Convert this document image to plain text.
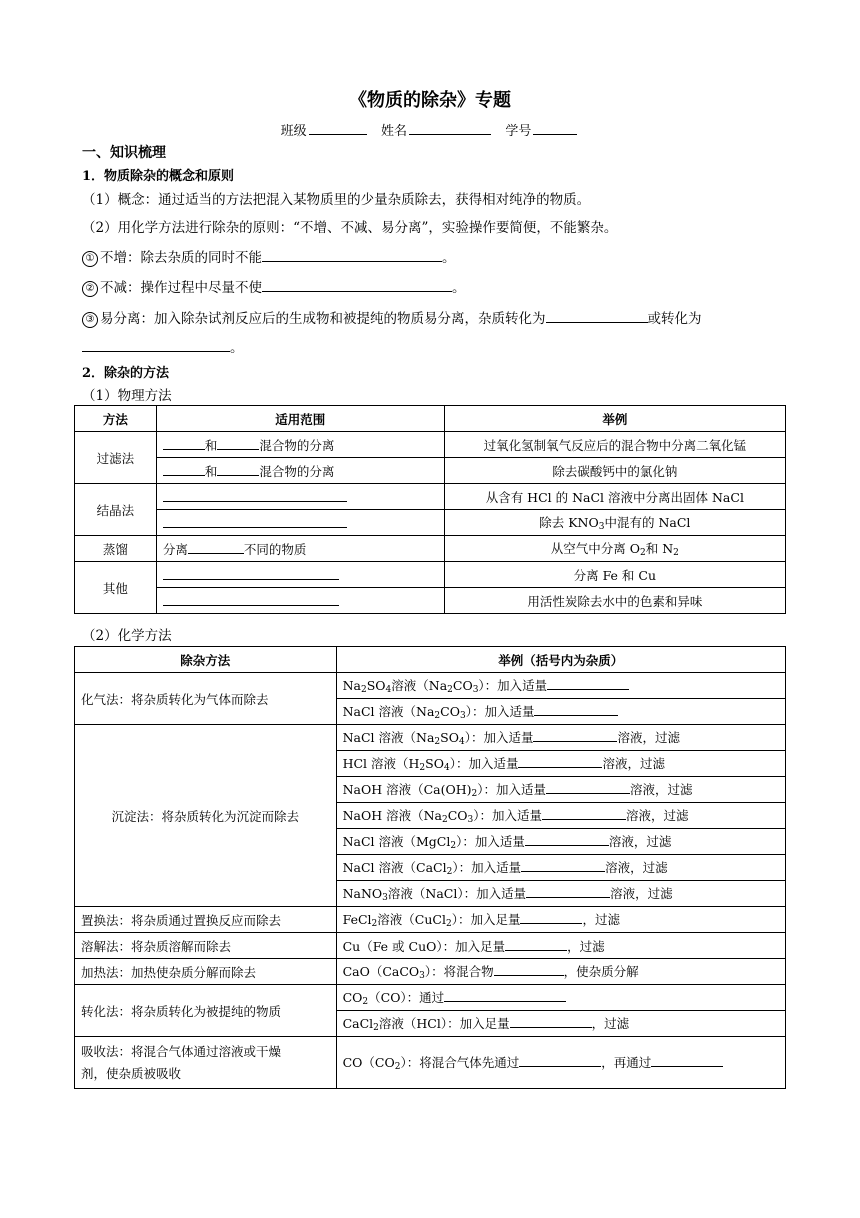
《物质的除杂》专题
班级	姓名	学号
一、知识梳理
1．物质除杂的概念和原则
（1）概念：通过适当的方法把混入某物质里的少量杂质除去，获得相对纯净的物质。
（2）用化学方法进行除杂的原则：“不增、不减、易分离”，实验操作要简便，不能繁杂。
① 不增：除去杂质的同时不能	。
② 不减：操作过程中尽量不使	。
③ 易分离：加入除杂试剂反应后的生成物和被提纯的物质易分离，杂质转化为	或转化为
。
2．除杂的方法
（1）物理方法
方法	适用范围	举例
过滤法	和 混合物的分离	过氧化氢制氧气反应后的混合物中分离二氧化锰
	和 混合物的分离	除去碳酸钙中的氯化钠
结晶法		从含有 HCl 的 NaCl 溶液中分离出固体 NaCl
		除去 $KNO_3$中混有的 NaCl
蒸馏	分离 不同的物质	从空气中分离 $O_2$和 $N_2$
其他		分离 Fe 和 Cu
		用活性炭除去水中的色素和异味
（2）化学方法
除杂方法	举例（括号内为杂质）
化气法：将杂质转化为气体而除去	$Na_2SO_4$溶液$(Na_2CO_3)$：加入适量
	NaCl 溶液$(Na_2CO_3)$：加入适量
沉淀法：将杂质转化为沉淀而除去	NaCl 溶液$(Na_2SO_4)$：加入适量 溶液，过滤
	HCl 溶液$(H_2SO_4)$：加入适量 溶液，过滤
	NaOH 溶液$(Ca(OH)_2)$：加入适量 溶液，过滤
	NaOH 溶液$(Na_2CO_3)$：加入适量 溶液，过滤
	NaCl 溶液（MgCl$_2$）：加入适量 溶液，过滤
	NaCl 溶液（CaCl$_2$）：加入适量 溶液，过滤
	NaNO$_3$溶液（NaCl）：加入适量 溶液，过滤
置换法：将杂质通过置换反应而除去	FeCl$_2$溶液（CuCl$_2$）：加入足量 ，过滤
溶解法：将杂质溶解而除去	Cu（Fe 或 CuO）：加入足量 ，过滤
加热法：加热使杂质分解而除去	CaO（CaCO$_3$）：将混合物 ，使杂质分解
转化法：将杂质转化为被提纯的物质	$CO_2(CO)$：通过
	CaCl$_2$溶液（HCl）：加入足量 ，过滤
吸收法：将混合气体通过溶液或干燥
剂，使杂质被吸收	$CO(CO_2)$：将混合气体先通过 ，再通过
